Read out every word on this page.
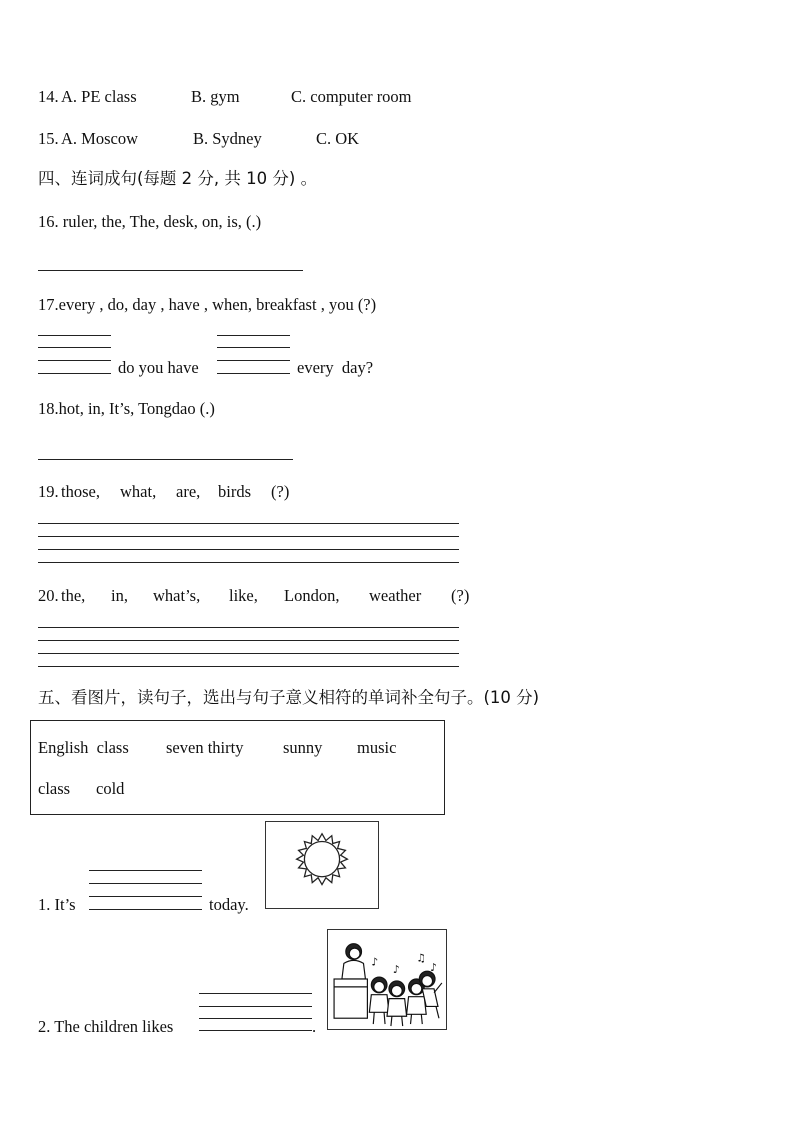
14. A. PE class	B. gym	C. computer room
15. A. Moscow	B. Sydney	C. OK
四、连词成句(每题 2 分, 共 10 分) 。
16. ruler, the, The, desk, on, is, (.)
17.every , do, day , have , when, breakfast , you (?)
do you have	every  day?
18.hot, in, It’s, Tongdao (.)
19. those, what, are, birds (?)
20. the, in, what’s, like, London, weather (?)
五、看图片，读句子，选出与句子意义相符的单词补全句子。(10 分)
English  class seven thirty sunny music
class cold
1. It’s	today.
2. The children likes	.
♪
♪
♫
♪
